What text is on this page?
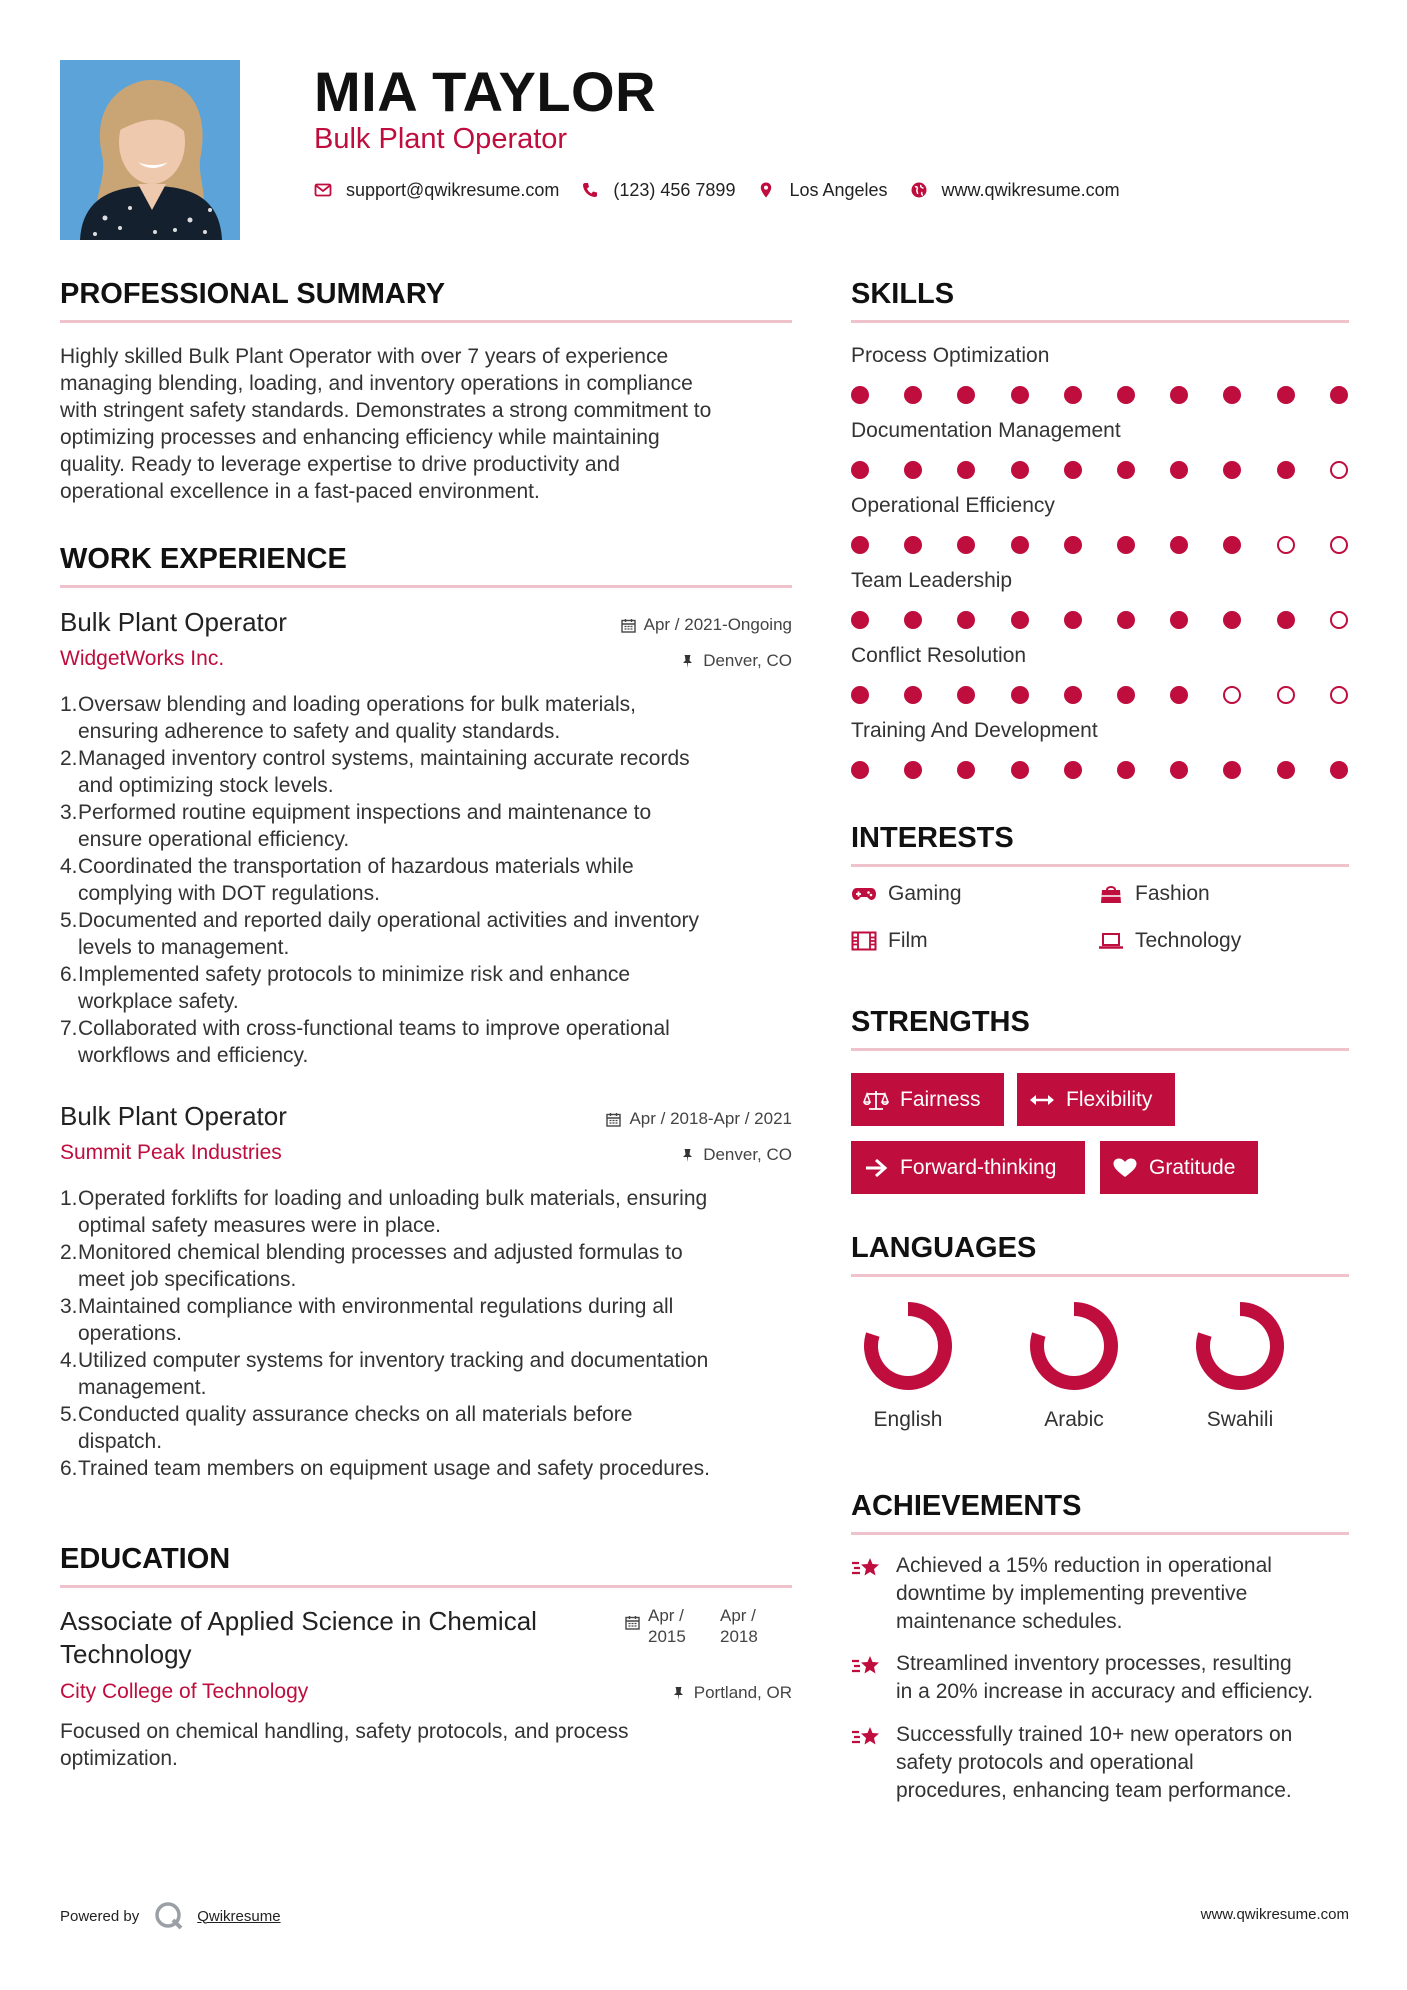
MIA TAYLOR
Bulk Plant Operator
support@qwikresume.com	(123) 456 7899	Los Angeles	www.qwikresume.com
PROFESSIONAL SUMMARY
Highly skilled Bulk Plant Operator with over 7 years of experience
managing blending, loading, and inventory operations in compliance
with stringent safety standards. Demonstrates a strong commitment to
optimizing processes and enhancing efficiency while maintaining
quality. Ready to leverage expertise to drive productivity and
operational excellence in a fast-paced environment.
WORK EXPERIENCE
Bulk Plant Operator	Apr / 2021-Ongoing
WidgetWorks Inc.	Denver, CO
1. Oversaw blending and loading operations for bulk materials,
ensuring adherence to safety and quality standards.
2. Managed inventory control systems, maintaining accurate records
and optimizing stock levels.
3. Performed routine equipment inspections and maintenance to
ensure operational efficiency.
4. Coordinated the transportation of hazardous materials while
complying with DOT regulations.
5. Documented and reported daily operational activities and inventory
levels to management.
6. Implemented safety protocols to minimize risk and enhance
workplace safety.
7. Collaborated with cross-functional teams to improve operational
workflows and efficiency.
Bulk Plant Operator	Apr / 2018-Apr / 2021
Summit Peak Industries	Denver, CO
1. Operated forklifts for loading and unloading bulk materials, ensuring
optimal safety measures were in place.
2. Monitored chemical blending processes and adjusted formulas to
meet job specifications.
3. Maintained compliance with environmental regulations during all
operations.
4. Utilized computer systems for inventory tracking and documentation
management.
5. Conducted quality assurance checks on all materials before
dispatch.
6. Trained team members on equipment usage and safety procedures.
EDUCATION
Associate of Applied Science in Chemical
Technology
Apr /
2015
Apr /
2018
City College of Technology	Portland, OR
Focused on chemical handling, safety protocols, and process
optimization.
SKILLS
Process Optimization
Documentation Management
Operational Efficiency
Team Leadership
Conflict Resolution
Training And Development
INTERESTS
Gaming	Fashion
Film	Technology
STRENGTHS
Fairness	Flexibility
Forward-thinking	Gratitude
LANGUAGES
English	Arabic	Swahili
ACHIEVEMENTS
Achieved a 15% reduction in operational
downtime by implementing preventive
maintenance schedules.
Streamlined inventory processes, resulting
in a 20% increase in accuracy and efficiency.
Successfully trained 10+ new operators on
safety protocols and operational
procedures, enhancing team performance.
Powered by	Qwikresume	www.qwikresume.com
